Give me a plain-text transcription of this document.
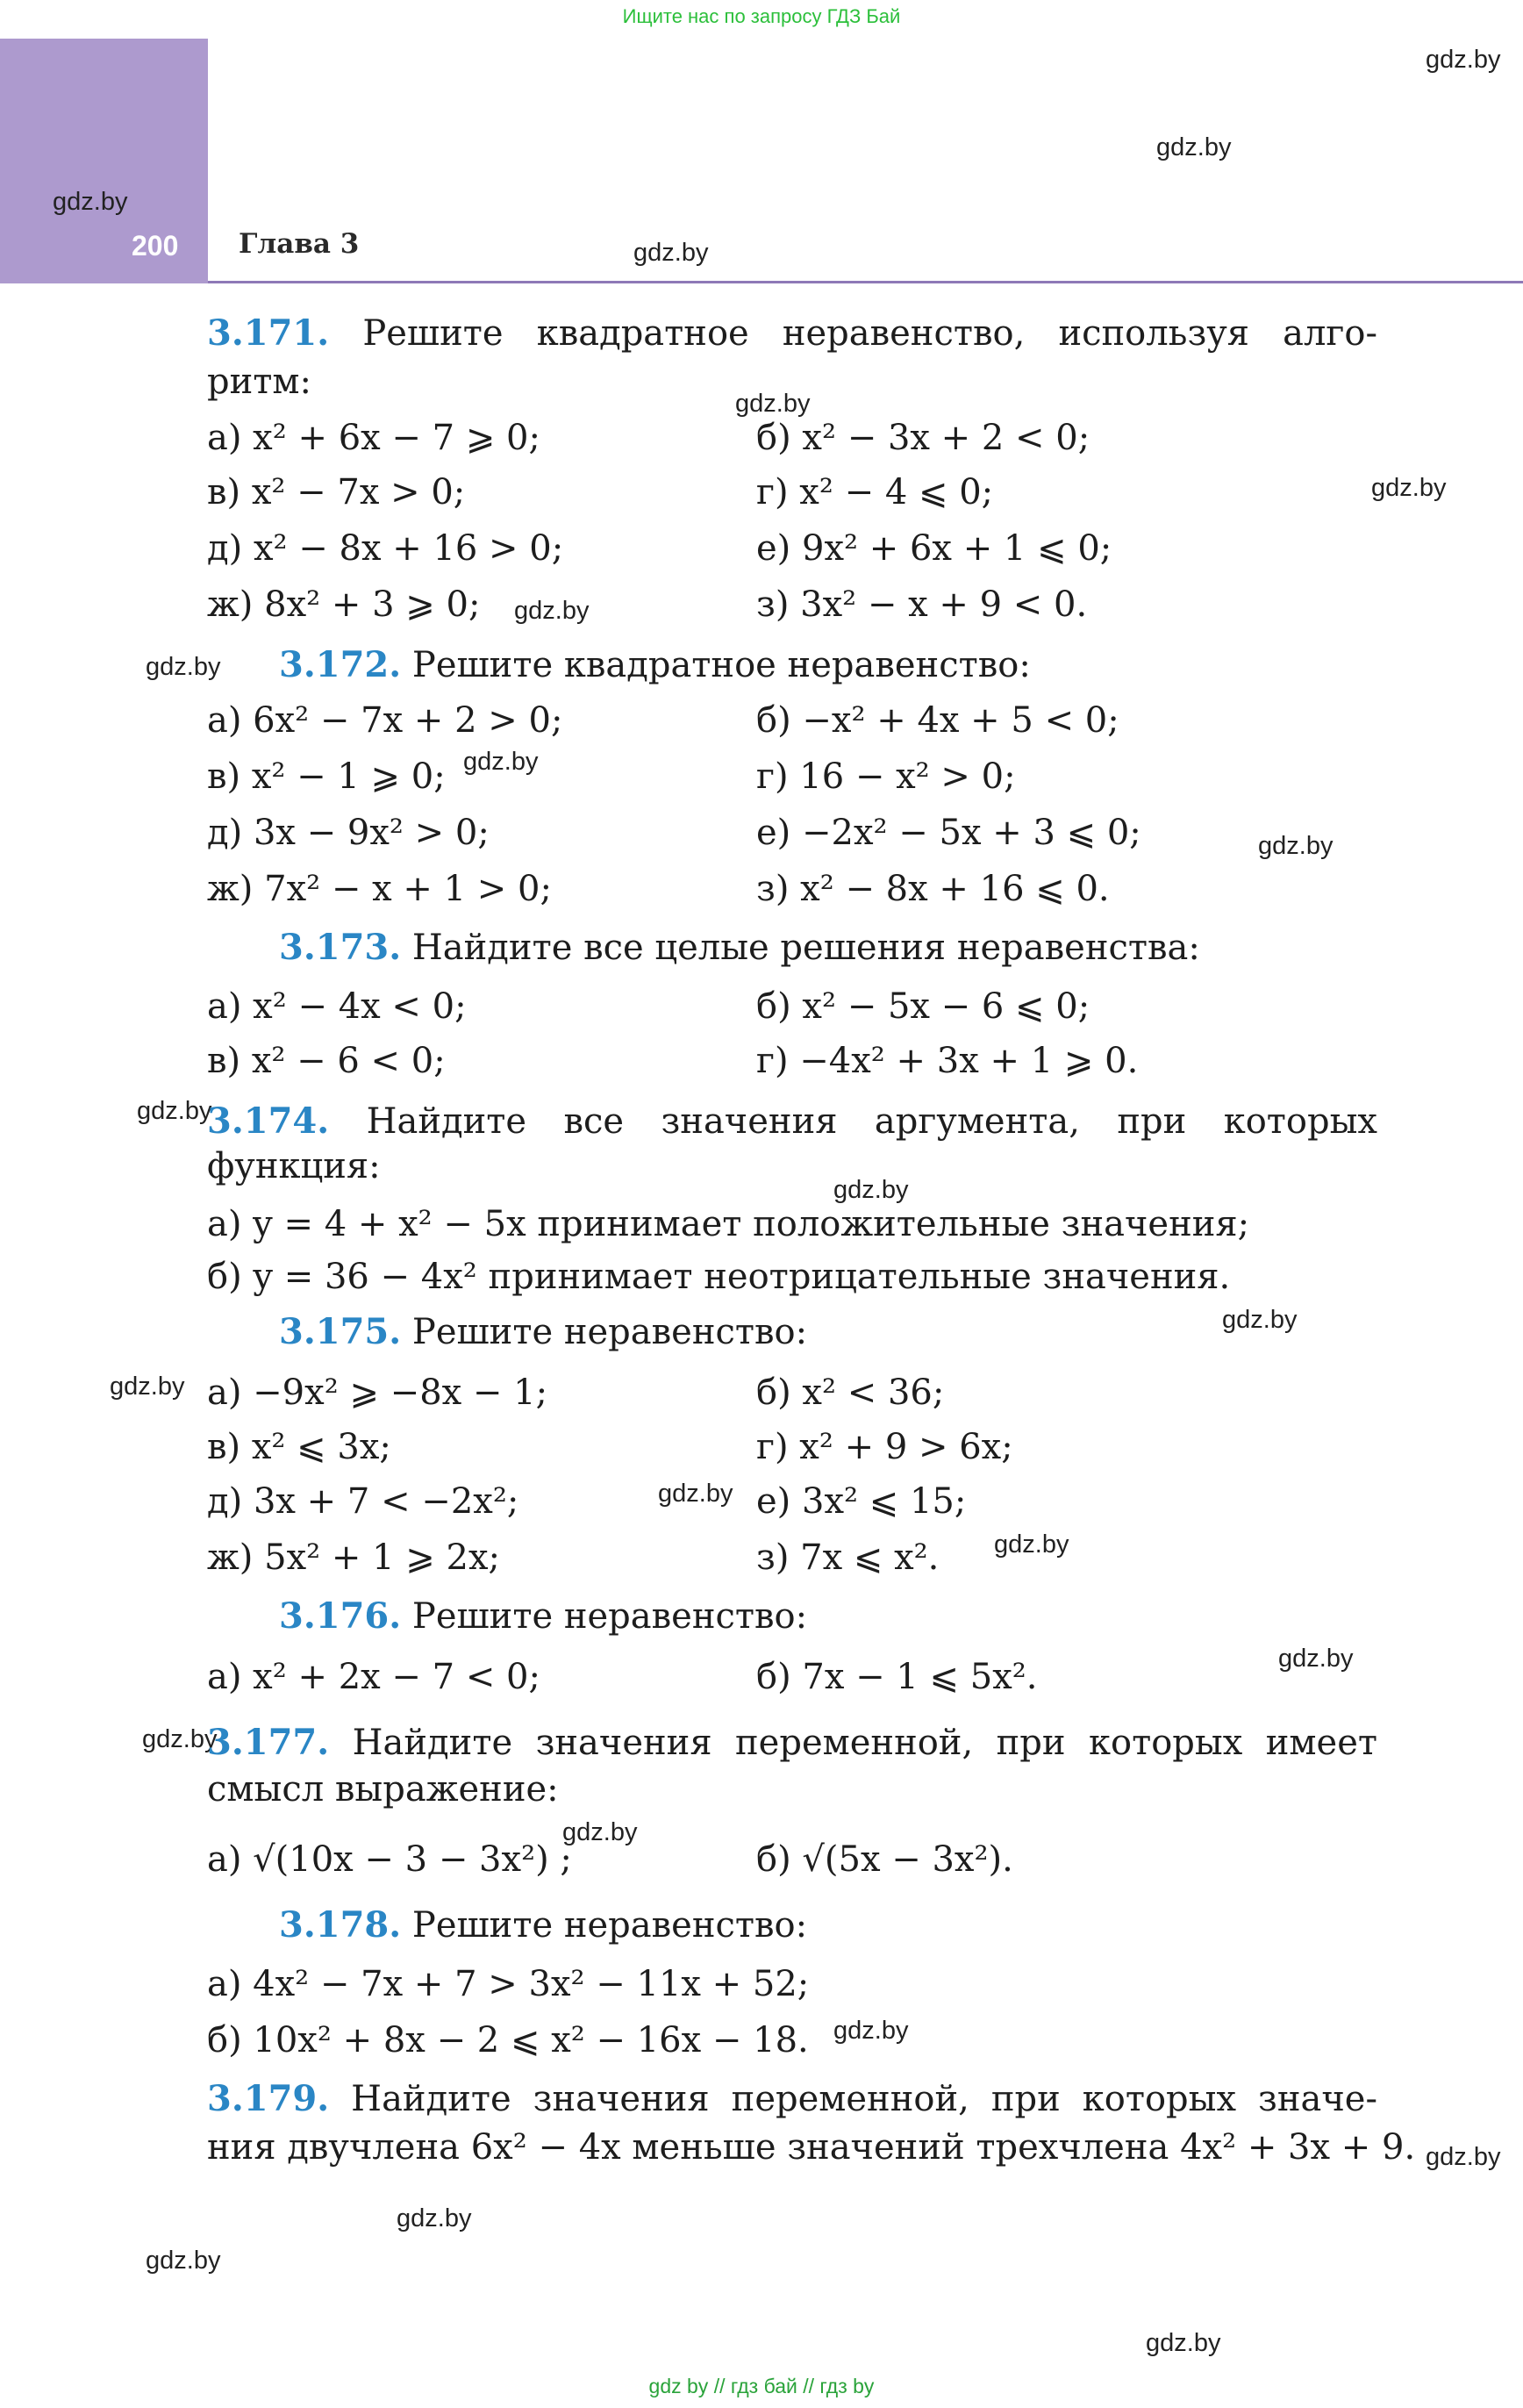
Ищите нас по запросу ГДЗ Бай
200 Глава 3
gdz.by
gdz.by
gdz.by
gdz.by
gdz.by
gdz.by
gdz.by
gdz.by
gdz.by
gdz.by
gdz.by
gdz.by
gdz.by
gdz.by
gdz.by
gdz.by
gdz.by
gdz.by
gdz.by
gdz.by
gdz.by
gdz.by
gdz.by
gdz.by
3.171. Решите квадратное неравенство, используя алго-
ритм:
а) x² + 6x − 7 ⩾ 0;	б) x² − 3x + 2 < 0;
в) x² − 7x > 0;	г) x² − 4 ⩽ 0;
д) x² − 8x + 16 > 0;	е) 9x² + 6x + 1 ⩽ 0;
ж) 8x² + 3 ⩾ 0;	з) 3x² − x + 9 < 0.
3.172. Решите квадратное неравенство:
а) 6x² − 7x + 2 > 0;	б) −x² + 4x + 5 < 0;
в) x² − 1 ⩾ 0;	г) 16 − x² > 0;
д) 3x − 9x² > 0;	е) −2x² − 5x + 3 ⩽ 0;
ж) 7x² − x + 1 > 0;	з) x² − 8x + 16 ⩽ 0.
3.173. Найдите все целые решения неравенства:
а) x² − 4x < 0;	б) x² − 5x − 6 ⩽ 0;
в) x² − 6 < 0;	г) −4x² + 3x + 1 ⩾ 0.
3.174. Найдите все значения аргумента, при которых
функция:
а) y = 4 + x² − 5x принимает положительные значения;
б) y = 36 − 4x² принимает неотрицательные значения.
3.175. Решите неравенство:
а) −9x² ⩾ −8x − 1;	б) x² < 36;
в) x² ⩽ 3x;	г) x² + 9 > 6x;
д) 3x + 7 < −2x²;	е) 3x² ⩽ 15;
ж) 5x² + 1 ⩾ 2x;	з) 7x ⩽ x².
3.176. Решите неравенство:
а) x² + 2x − 7 < 0;	б) 7x − 1 ⩽ 5x².
3.177. Найдите значения переменной, при которых имеет
смысл выражение:
а) √(10x − 3 − 3x²) ;	б) √(5x − 3x²).
3.178. Решите неравенство:
а) 4x² − 7x + 7 > 3x² − 11x + 52;
б) 10x² + 8x − 2 ⩽ x² − 16x − 18.
3.179. Найдите значения переменной, при которых значе-
ния двучлена 6x² − 4x меньше значений трехчлена 4x² + 3x + 9.
gdz by // гдз бай // гдз by
